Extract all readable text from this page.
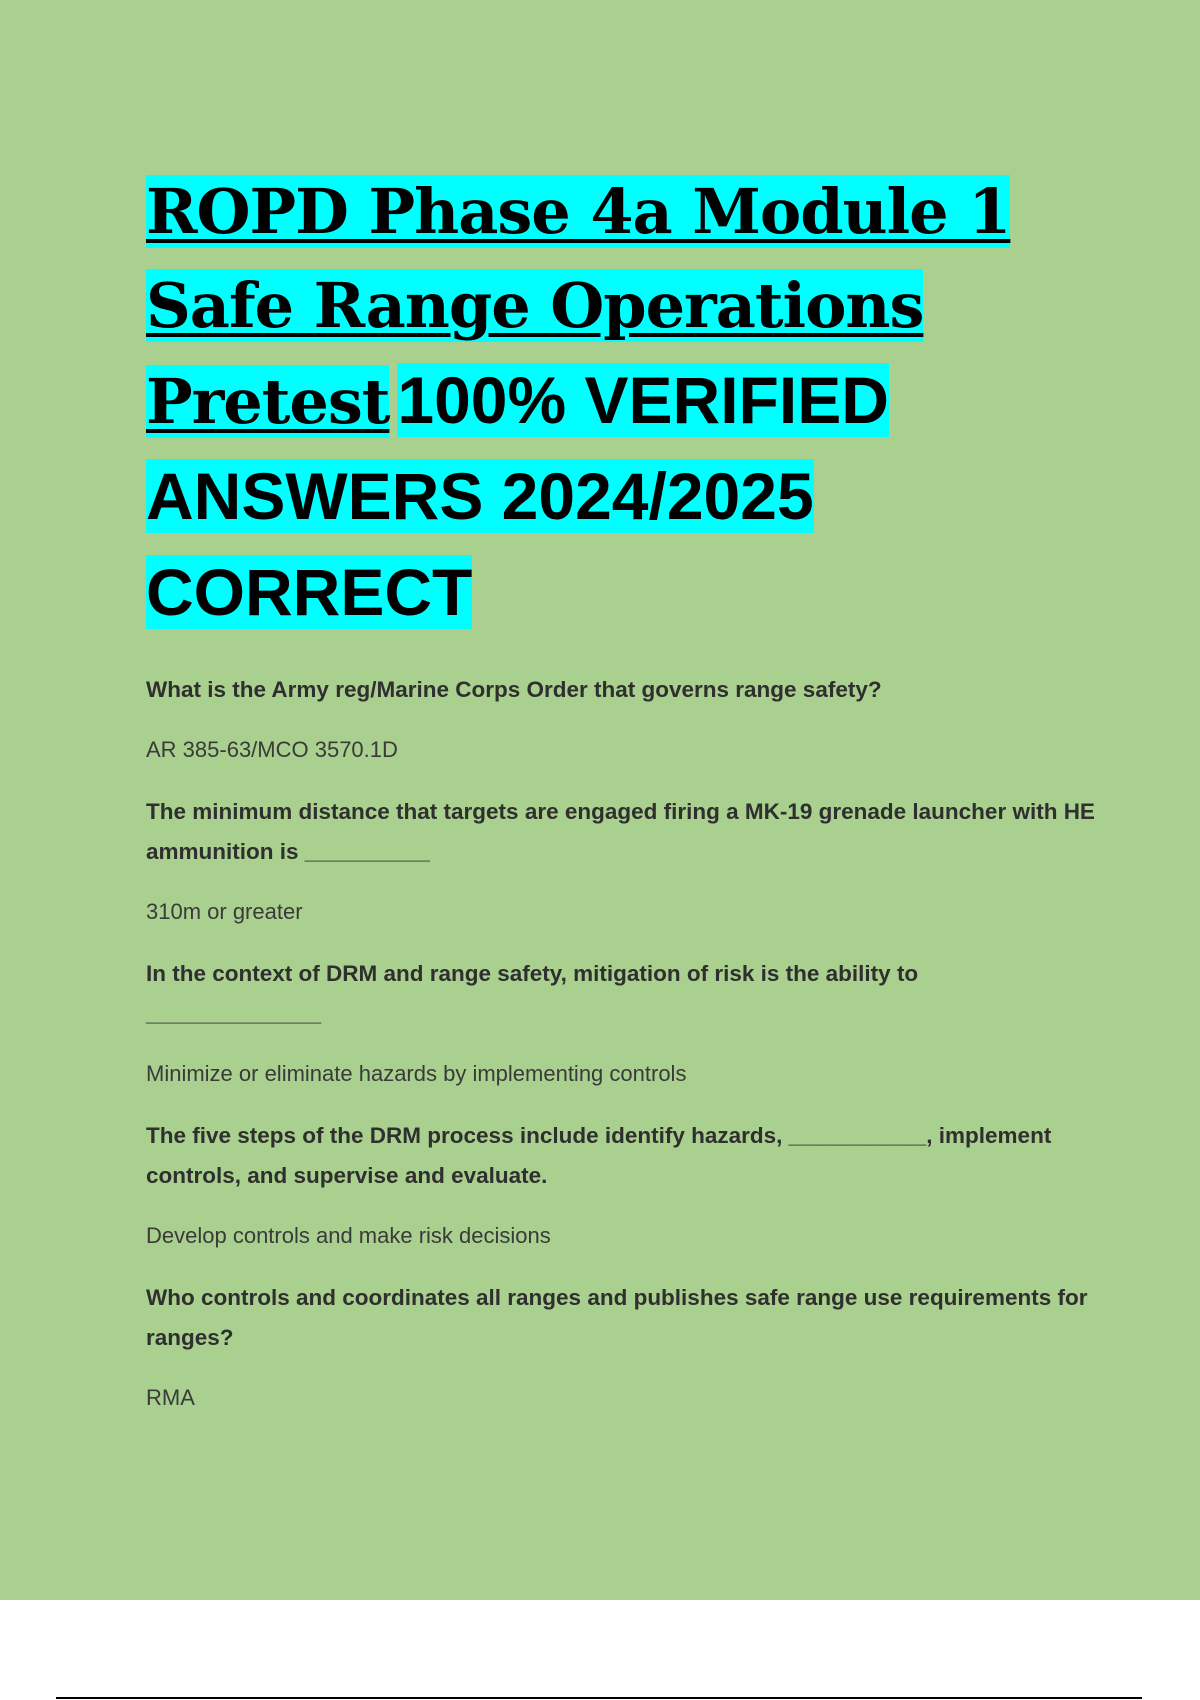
ROPD Phase 4a Module 1 Safe Range Operations Pretest 100% VERIFIED ANSWERS 2024/2025 CORRECT

What is the Army reg/Marine Corps Order that governs range safety?

AR 385-63/MCO 3570.1D

The minimum distance that targets are engaged firing a MK-19 grenade launcher with HE ammunition is __________

310m or greater

In the context of DRM and range safety, mitigation of risk is the ability to ______________

Minimize or eliminate hazards by implementing controls

The five steps of the DRM process include identify hazards, ___________, implement controls, and supervise and evaluate.

Develop controls and make risk decisions

Who controls and coordinates all ranges and publishes safe range use requirements for ranges?

RMA
